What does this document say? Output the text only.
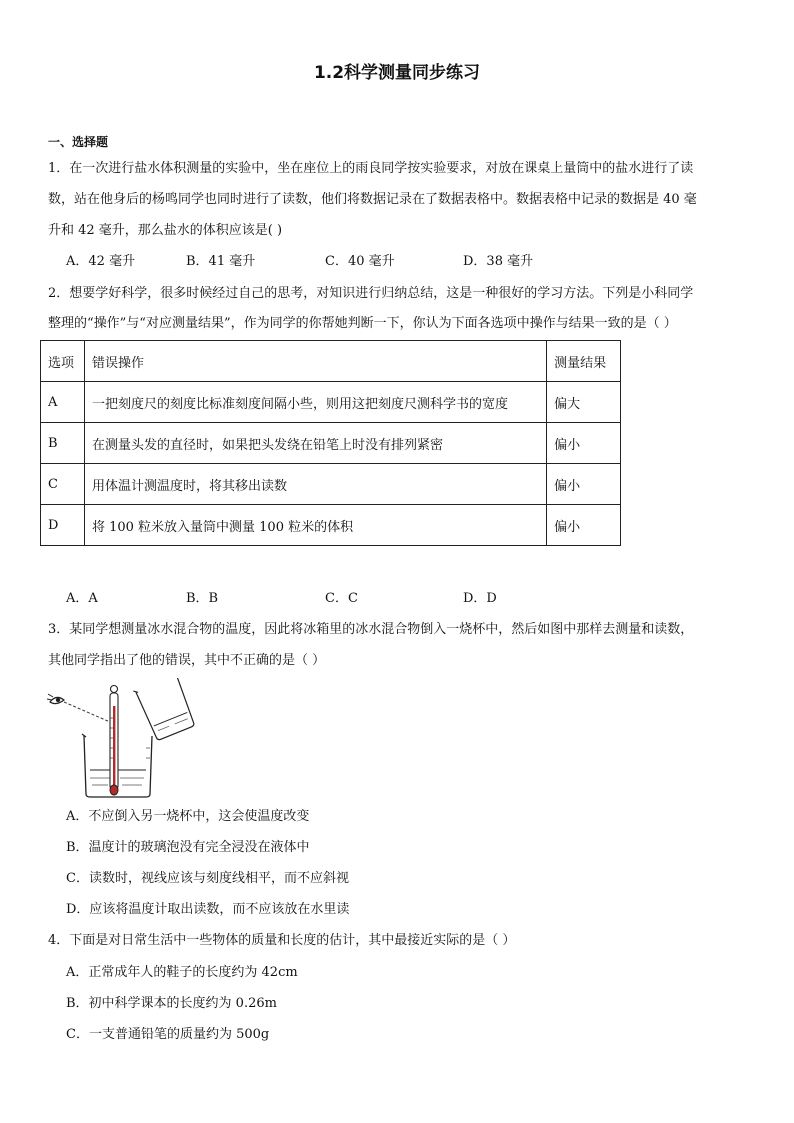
1.2科学测量同步练习
一、选择题
1．在一次进行盐水体积测量的实验中，坐在座位上的雨良同学按实验要求，对放在课桌上量筒中的盐水进行了读
数，站在他身后的杨鸣同学也同时进行了读数，他们将数据记录在了数据表格中。数据表格中记录的数据是 40 毫
升和 42 毫升，那么盐水的体积应该是( )
A．42 毫升	B．41 毫升	C．40 毫升	D．38 毫升
2．想要学好科学，很多时候经过自己的思考，对知识进行归纳总结，这是一种很好的学习方法。下列是小科同学
整理的“操作”与“对应测量结果”，作为同学的你帮她判断一下，你认为下面各选项中操作与结果一致的是（ ）
选项	错误操作	测量结果
A	一把刻度尺的刻度比标准刻度间隔小些，则用这把刻度尺测科学书的宽度	偏大
B	在测量头发的直径时，如果把头发绕在铅笔上时没有排列紧密	偏小
C	用体温计测温度时，将其移出读数	偏小
D	将 100 粒米放入量筒中测量 100 粒米的体积	偏小
A．A	B．B	C．C	D．D
3．某同学想测量冰水混合物的温度，因此将冰箱里的冰水混合物倒入一烧杯中，然后如图中那样去测量和读数，
其他同学指出了他的错误，其中不正确的是（ ）
A．不应倒入另一烧杯中，这会使温度改变
B．温度计的玻璃泡没有完全浸没在液体中
C．读数时，视线应该与刻度线相平，而不应斜视
D．应该将温度计取出读数，而不应该放在水里读
4．下面是对日常生活中一些物体的质量和长度的估计，其中最接近实际的是（ ）
A．正常成年人的鞋子的长度约为 42cm
B．初中科学课本的长度约为 0.26m
C．一支普通铅笔的质量约为 500g
